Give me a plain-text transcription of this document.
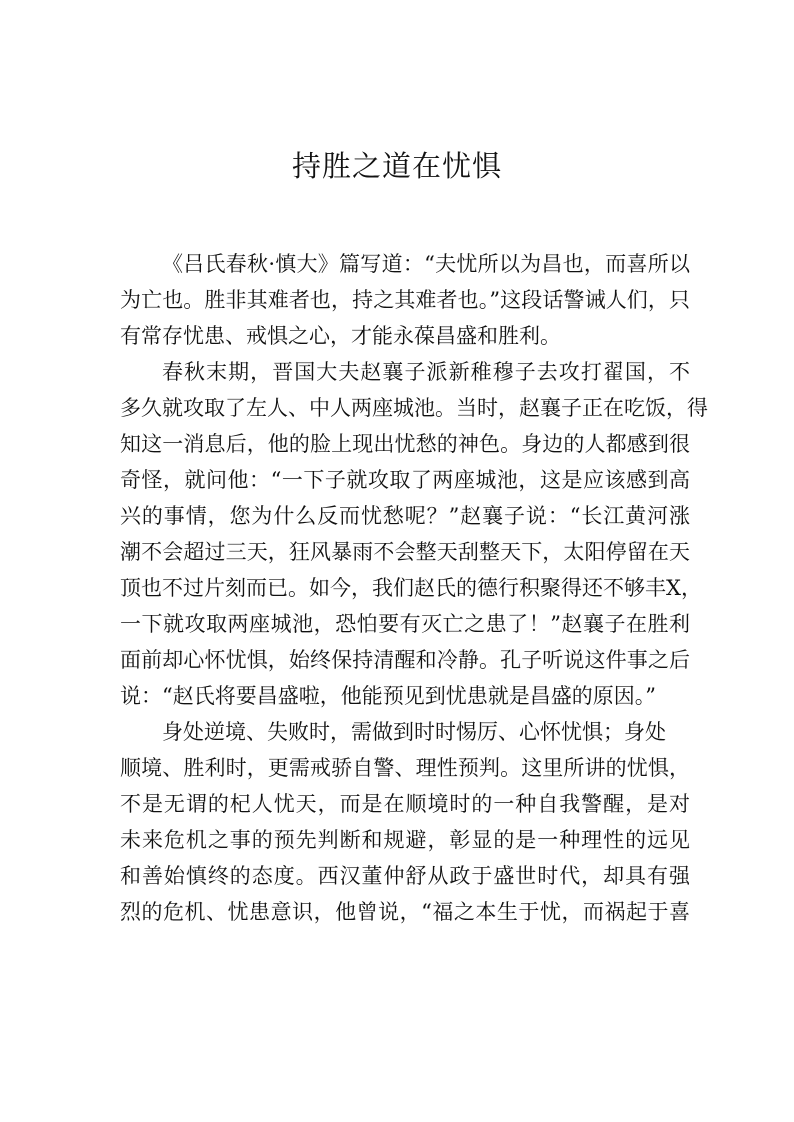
持胜之道在忧惧
《吕氏春秋·慎大》篇写道：“夫忧所以为昌也，而喜所以
为亡也。胜非其难者也，持之其难者也。”这段话警诫人们，只
有常存忧患、戒惧之心，才能永葆昌盛和胜利。
春秋末期，晋国大夫赵襄子派新稚穆子去攻打翟国，不
多久就攻取了左人、中人两座城池。当时，赵襄子正在吃饭，得
知这一消息后，他的脸上现出忧愁的神色。身边的人都感到很
奇怪，就问他：“一下子就攻取了两座城池，这是应该感到高
兴的事情，您为什么反而忧愁呢？”赵襄子说：“长江黄河涨
潮不会超过三天，狂风暴雨不会整天刮整天下，太阳停留在天
顶也不过片刻而已。如今，我们赵氏的德行积聚得还不够丰X，
一下就攻取两座城池，恐怕要有灭亡之患了！”赵襄子在胜利
面前却心怀忧惧，始终保持清醒和冷静。孔子听说这件事之后
说：“赵氏将要昌盛啦，他能预见到忧患就是昌盛的原因。”
身处逆境、失败时，需做到时时惕厉、心怀忧惧；身处
顺境、胜利时，更需戒骄自警、理性预判。这里所讲的忧惧，
不是无谓的杞人忧天，而是在顺境时的一种自我警醒，是对
未来危机之事的预先判断和规避，彰显的是一种理性的远见
和善始慎终的态度。西汉董仲舒从政于盛世时代，却具有强
烈的危机、忧患意识，他曾说，“福之本生于忧，而祸起于喜
